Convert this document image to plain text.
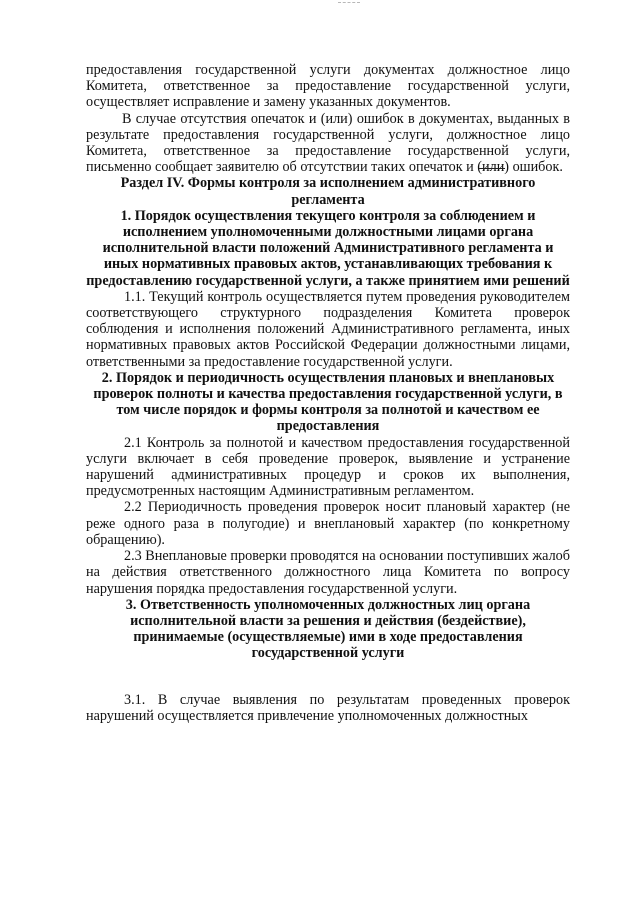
предоставления государственной услуги документах должностное лицо Комитета, ответственное за предоставление государственной услуги, осуществляет исправление и замену указанных документов.

В случае отсутствия опечаток и (или) ошибок в документах, выданных в результате предоставления государственной услуги, должностное лицо Комитета, ответственное за предоставление государственной услуги, письменно сообщает заявителю об отсутствии таких опечаток и (или) ошибок.

Раздел IV. Формы контроля за исполнением административного регламента

1. Порядок осуществления текущего контроля за соблюдением и исполнением уполномоченными должностными лицами органа исполнительной власти положений Административного регламента и иных нормативных правовых актов, устанавливающих требования к предоставлению государственной услуги, а также принятием ими решений

1.1. Текущий контроль осуществляется путем проведения руководителем соответствующего структурного подразделения Комитета проверок соблюдения и исполнения положений Административного регламента, иных нормативных правовых актов Российской Федерации должностными лицами, ответственными за предоставление государственной услуги.

2. Порядок и периодичность осуществления плановых и внеплановых проверок полноты и качества предоставления государственной услуги, в том числе порядок и формы контроля за полнотой и качеством ее предоставления

2.1 Контроль за полнотой и качеством предоставления государственной услуги включает в себя проведение проверок, выявление и устранение нарушений административных процедур и сроков их выполнения, предусмотренных настоящим Административным регламентом.

2.2 Периодичность проведения проверок носит плановый характер (не реже одного раза в полугодие) и внеплановый характер (по конкретному обращению).

2.3 Внеплановые проверки проводятся на основании поступивших жалоб на действия ответственного должностного лица Комитета по вопросу нарушения порядка предоставления государственной услуги.

3. Ответственность уполномоченных должностных лиц органа исполнительной власти за решения и действия (бездействие), принимаемые (осуществляемые) ими в ходе предоставления государственной услуги

3.1. В случае выявления по результатам проведенных проверок нарушений осуществляется привлечение уполномоченных должностных
